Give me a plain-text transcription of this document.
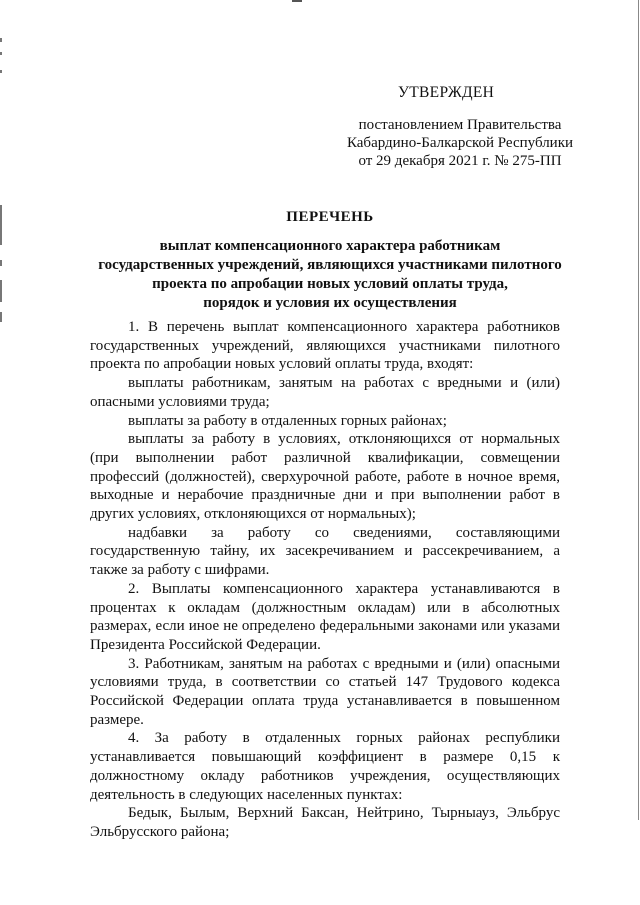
УТВЕРЖДЕН
постановлением Правительства
Кабардино-Балкарской Республики
от 29 декабря 2021 г. № 275-ПП
ПЕРЕЧЕНЬ
выплат компенсационного характера работникам
государственных учреждений, являющихся участниками пилотного
проекта по апробации новых условий оплаты труда,
порядок и условия их осуществления

1. В перечень выплат компенсационного характера работников государственных учреждений, являющихся участниками пилотного проекта по апробации новых условий оплаты труда, входят:

выплаты работникам, занятым на работах с вредными и (или) опасными условиями труда;

выплаты за работу в отдаленных горных районах;

выплаты за работу в условиях, отклоняющихся от нормальных (при выполнении работ различной квалификации, совмещении профессий (должностей), сверхурочной работе, работе в ночное время, выходные и нерабочие праздничные дни и при выполнении работ в других условиях, отклоняющихся от нормальных);

надбавки за работу со сведениями, составляющими государственную тайну, их засекречиванием и рассекречиванием, а также за работу с шифрами.

2. Выплаты компенсационного характера устанавливаются в процентах к окладам (должностным окладам) или в абсолютных размерах, если иное не определено федеральными законами или указами Президента Российской Федерации.

3. Работникам, занятым на работах с вредными и (или) опасными условиями труда, в соответствии со статьей 147 Трудового кодекса Российской Федерации оплата труда устанавливается в повышенном размере.

4. За работу в отдаленных горных районах республики устанавливается повышающий коэффициент в размере 0,15 к должностному окладу работников учреждения, осуществляющих деятельность в следующих населенных пунктах:

Бедык, Былым, Верхний Баксан, Нейтрино, Тырныауз, Эльбрус Эльбрусского района;
